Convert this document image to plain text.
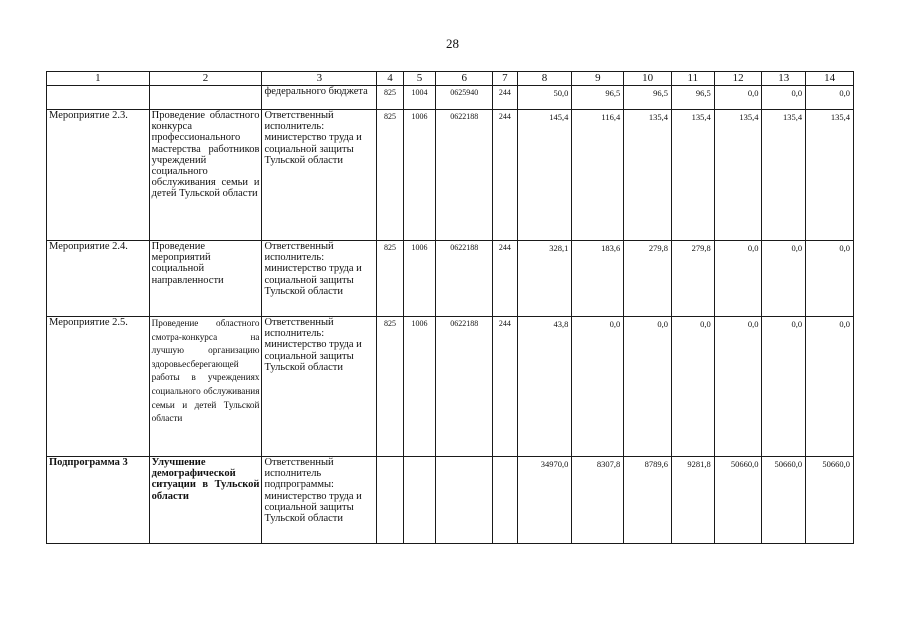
28
1	2	3	4	5	6	7	8	9	10	11	12	13	14
		федерального бюджета	825	1004	0625940	244	50,0	96,5	96,5	96,5	0,0	0,0	0,0
Мероприятие 2.3.	Проведение областного конкурса профессионального мастерства работников учреждений социального обслуживания семьи и детей Тульской области	Ответственный исполнитель: министерство труда и социальной защиты Тульской области	825	1006	0622188	244	145,4	116,4	135,4	135,4	135,4	135,4	135,4
Мероприятие 2.4.	Проведение мероприятий социальной направленности	Ответственный исполнитель: министерство труда и социальной защиты Тульской области	825	1006	0622188	244	328,1	183,6	279,8	279,8	0,0	0,0	0,0
Мероприятие 2.5.	Проведение областного смотра-конкурса на лучшую организацию здоровьесберегающей работы в учреждениях социального обслуживания семьи и детей Тульской области	Ответственный исполнитель: министерство труда и социальной защиты Тульской области	825	1006	0622188	244	43,8	0,0	0,0	0,0	0,0	0,0	0,0
Подпрограмма 3	Улучшение демографической ситуации в Тульской области	Ответственный исполнитель подпрограммы: министерство труда и социальной защиты Тульской области					34970,0	8307,8	8789,6	9281,8	50660,0	50660,0	50660,0
